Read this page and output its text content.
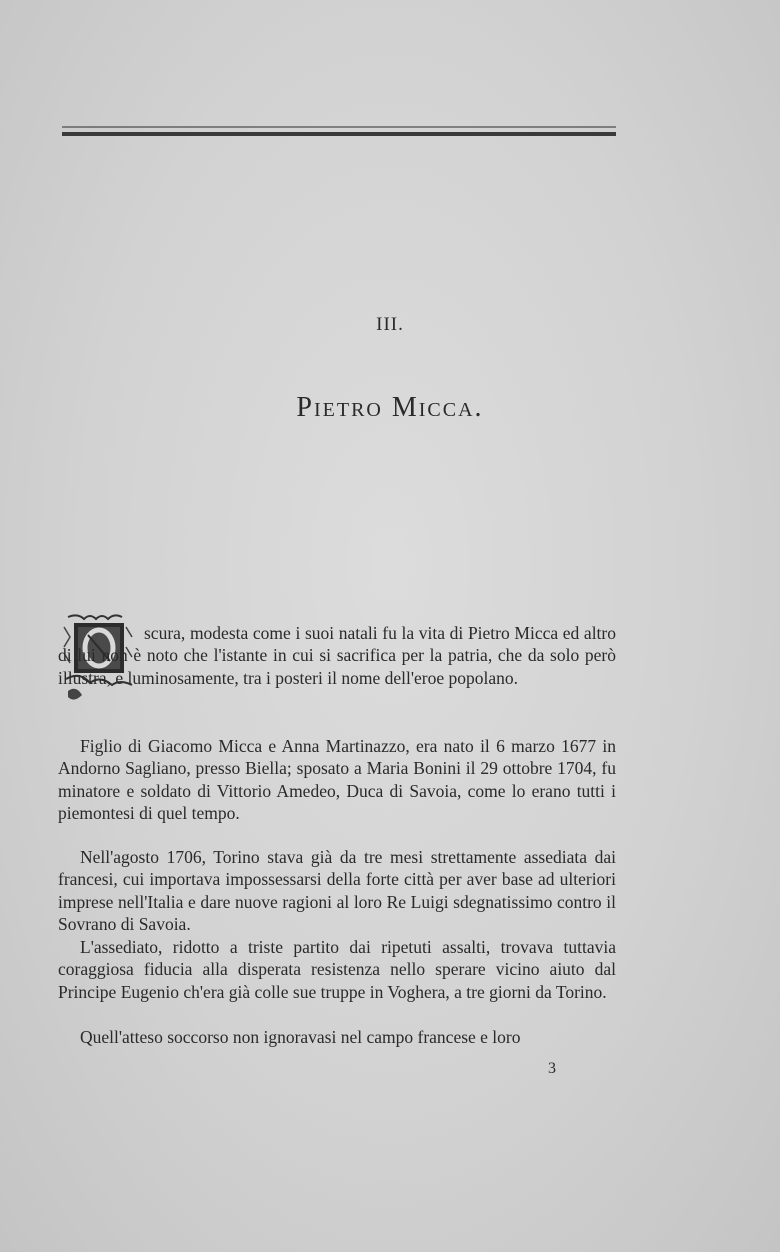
III.
Pietro Micca.

scura, modesta come i suoi natali fu la vita di Pietro Micca ed altro di lui non è noto che l'istante in cui si sacrifica per la patria, che da solo però illustra, e luminosamente, tra i posteri il nome dell'eroe popolano.

Figlio di Giacomo Micca e Anna Martinazzo, era nato il 6 marzo 1677 in Andorno Sagliano, presso Biella; sposato a Maria Bonini il 29 ottobre 1704, fu minatore e soldato di Vittorio Amedeo, Duca di Savoia, come lo erano tutti i piemontesi di quel tempo.

Nell'agosto 1706, Torino stava già da tre mesi strettamente assediata dai francesi, cui importava impossessarsi della forte città per aver base ad ulteriori imprese nell'Italia e dare nuove ragioni al loro Re Luigi sdegnatissimo contro il Sovrano di Savoia.

L'assediato, ridotto a triste partito dai ripetuti assalti, trovava tuttavia coraggiosa fiducia alla disperata resistenza nello sperare vicino aiuto dal Principe Eugenio ch'era già colle sue truppe in Voghera, a tre giorni da Torino.

Quell'atteso soccorso non ignoravasi nel campo francese e loro

3
